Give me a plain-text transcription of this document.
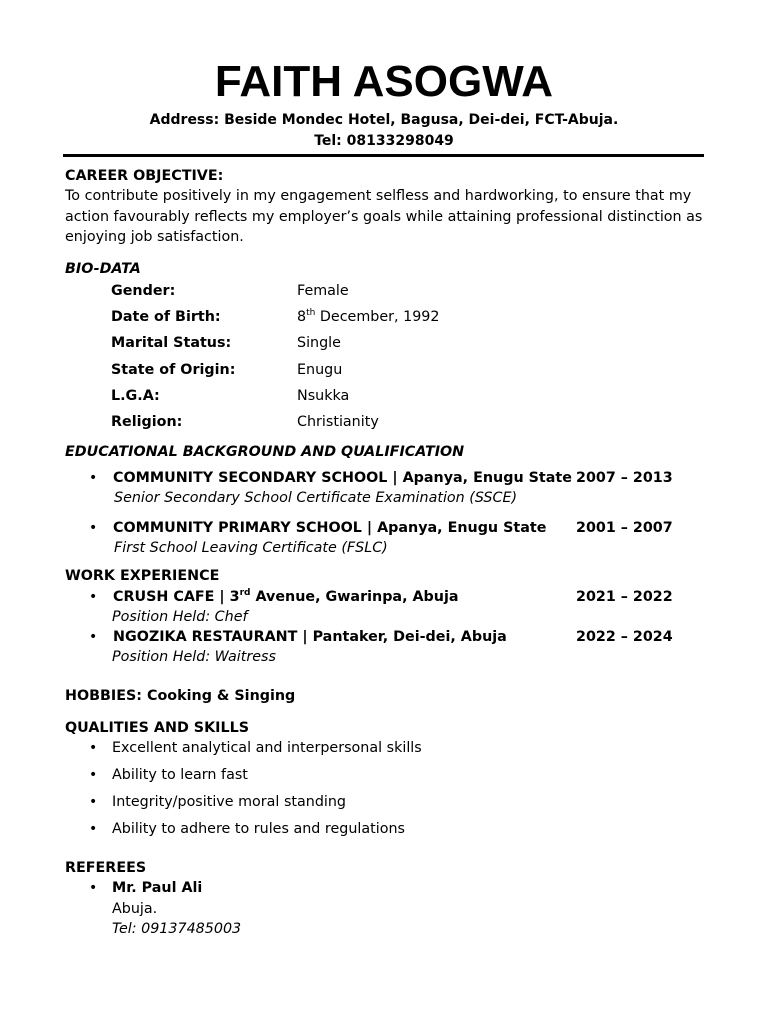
FAITH ASOGWA
Address: Beside Mondec Hotel, Bagusa, Dei-dei, FCT-Abuja.
Tel: 08133298049
CAREER OBJECTIVE:
To contribute positively in my engagement selfless and hardworking, to ensure that my action favourably reflects my employer’s goals while attaining professional distinction as enjoying job satisfaction.
BIO-DATA
Gender:	Female
Date of Birth:	8th December, 1992
Marital Status:	Single
State of Origin:	Enugu
L.G.A:	Nsukka
Religion:	Christianity
EDUCATIONAL BACKGROUND AND QUALIFICATION
• COMMUNITY SECONDARY SCHOOL | Apanya, Enugu State 2007 – 2013
Senior Secondary School Certificate Examination (SSCE)
• COMMUNITY PRIMARY SCHOOL | Apanya, Enugu State 2001 – 2007
First School Leaving Certificate (FSLC)
WORK EXPERIENCE
• CRUSH CAFE | 3rd Avenue, Gwarinpa, Abuja	2021 – 2022
Position Held: Chef
• NGOZIKA RESTAURANT | Pantaker, Dei-dei, Abuja	2022 – 2024
Position Held: Waitress
HOBBIES: Cooking & Singing
QUALITIES AND SKILLS
• Excellent analytical and interpersonal skills
• Ability to learn fast
• Integrity/positive moral standing
• Ability to adhere to rules and regulations
REFEREES
• Mr. Paul Ali
Abuja.
Tel: 09137485003
